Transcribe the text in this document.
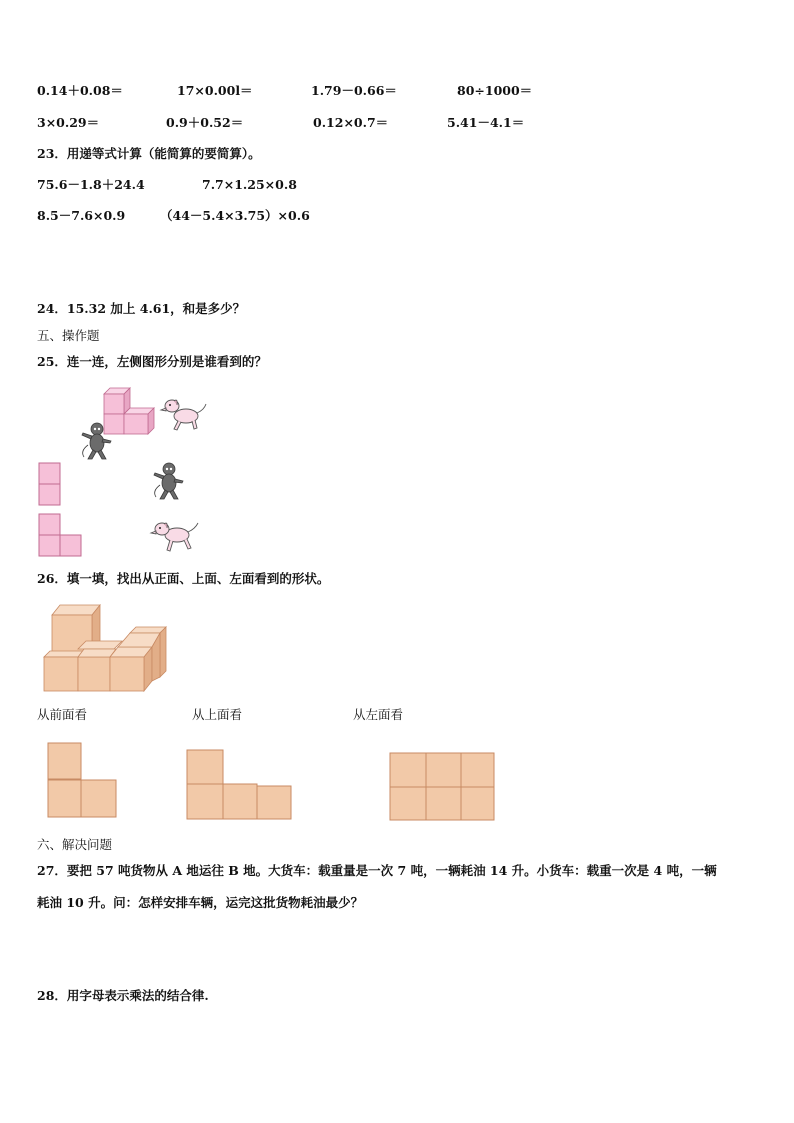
0.14＋0.08＝	17×0.00l＝	1.79－0.66＝	80÷1000＝
3×0.29＝	0.9＋0.52＝	0.12×0.7＝	5.41－4.1＝
23．用递等式计算（能简算的要简算）。
75.6－1.8＋24.4	7.7×1.25×0.8
8.5－7.6×0.9	（44－5.4×3.75）×0.6
24．15.32 加上 4.61，和是多少？
五、操作题
25．连一连，左侧图形分别是谁看到的？
26．填一填，找出从正面、上面、左面看到的形状。
从前面看	从上面看	从左面看
六、解决问题
27．要把 57 吨货物从 A 地运往 B 地。大货车：载重量是一次 7 吨，一辆耗油 14 升。小货车：载重一次是 4 吨，一辆
耗油 10 升。问：怎样安排车辆，运完这批货物耗油最少？
28．用字母表示乘法的结合律.
